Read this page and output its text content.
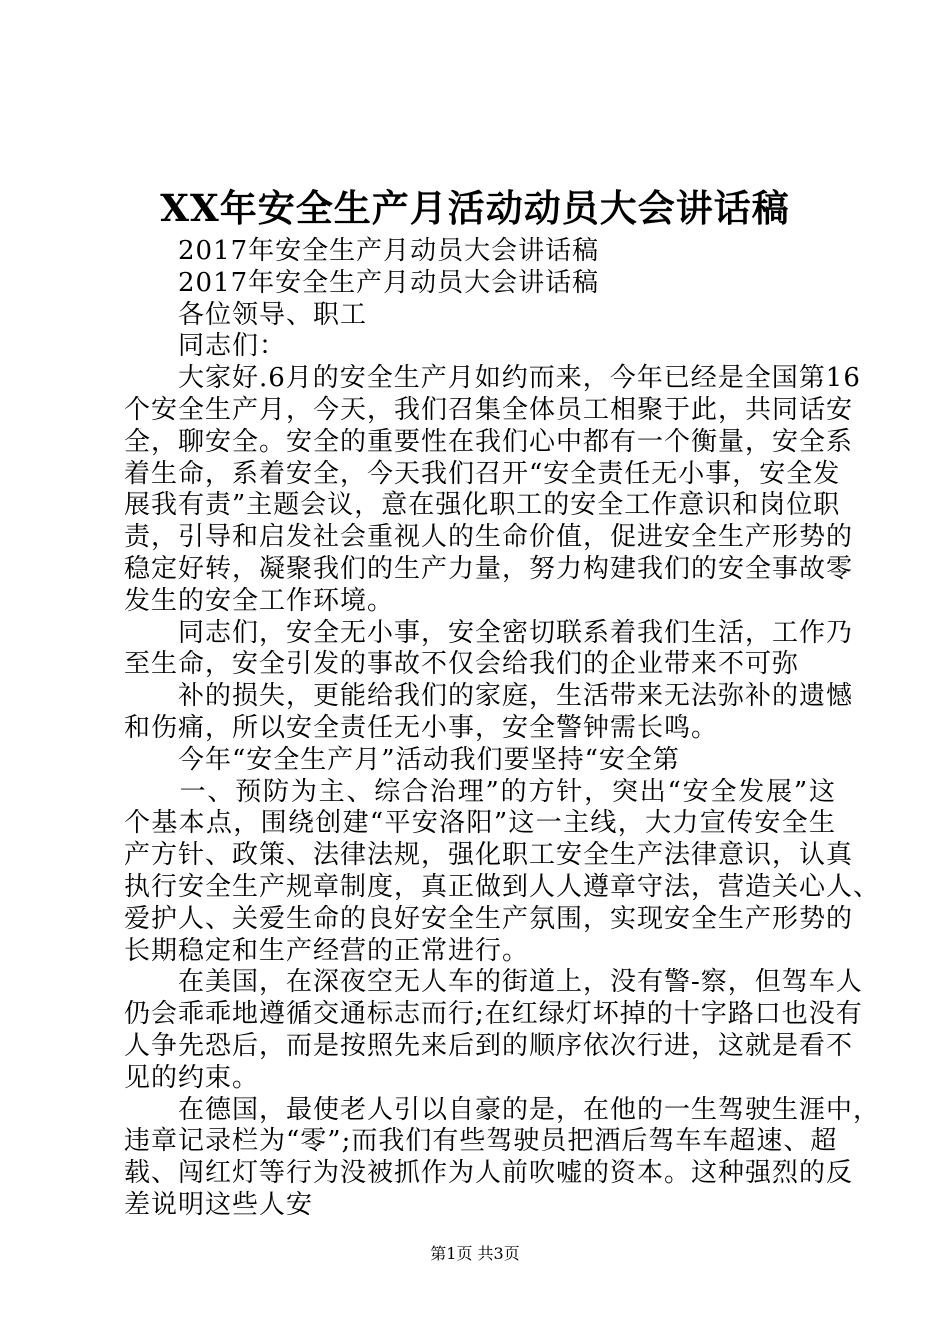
XX年安全生产月活动动员大会讲话稿
　　2017年安全生产月动员大会讲话稿
　　2017年安全生产月动员大会讲话稿
　　各位领导、职工
　　同志们：
　　大家好.6月的安全生产月如约而来，今年已经是全国第16
个安全生产月，今天，我们召集全体员工相聚于此，共同话安
全，聊安全。安全的重要性在我们心中都有一个衡量，安全系
着生命，系着安全，今天我们召开“安全责任无小事，安全发
展我有责”主题会议，意在强化职工的安全工作意识和岗位职
责，引导和启发社会重视人的生命价值，促进安全生产形势的
稳定好转，凝聚我们的生产力量，努力构建我们的安全事故零
发生的安全工作环境。
　　同志们，安全无小事，安全密切联系着我们生活，工作乃
至生命，安全引发的事故不仅会给我们的企业带来不可弥
　　补的损失，更能给我们的家庭，生活带来无法弥补的遗憾
和伤痛，所以安全责任无小事，安全警钟需长鸣。
　　今年“安全生产月”活动我们要坚持“安全第
　　一、预防为主、综合治理”的方针，突出“安全发展”这
个基本点，围绕创建“平安洛阳”这一主线，大力宣传安全生
产方针、政策、法律法规，强化职工安全生产法律意识，认真
执行安全生产规章制度，真正做到人人遵章守法，营造关心人、
爱护人、关爱生命的良好安全生产氛围，实现安全生产形势的
长期稳定和生产经营的正常进行。
　　在美国，在深夜空无人车的街道上，没有警-察，但驾车人
仍会乖乖地遵循交通标志而行;在红绿灯坏掉的十字路口也没有
人争先恐后，而是按照先来后到的顺序依次行进，这就是看不
见的约束。
　　在德国，最使老人引以自豪的是，在他的一生驾驶生涯中，
违章记录栏为“零”;而我们有些驾驶员把酒后驾车车超速、超
载、闯红灯等行为没被抓作为人前吹嘘的资本。这种强烈的反
差说明这些人安
第1页 共3页
